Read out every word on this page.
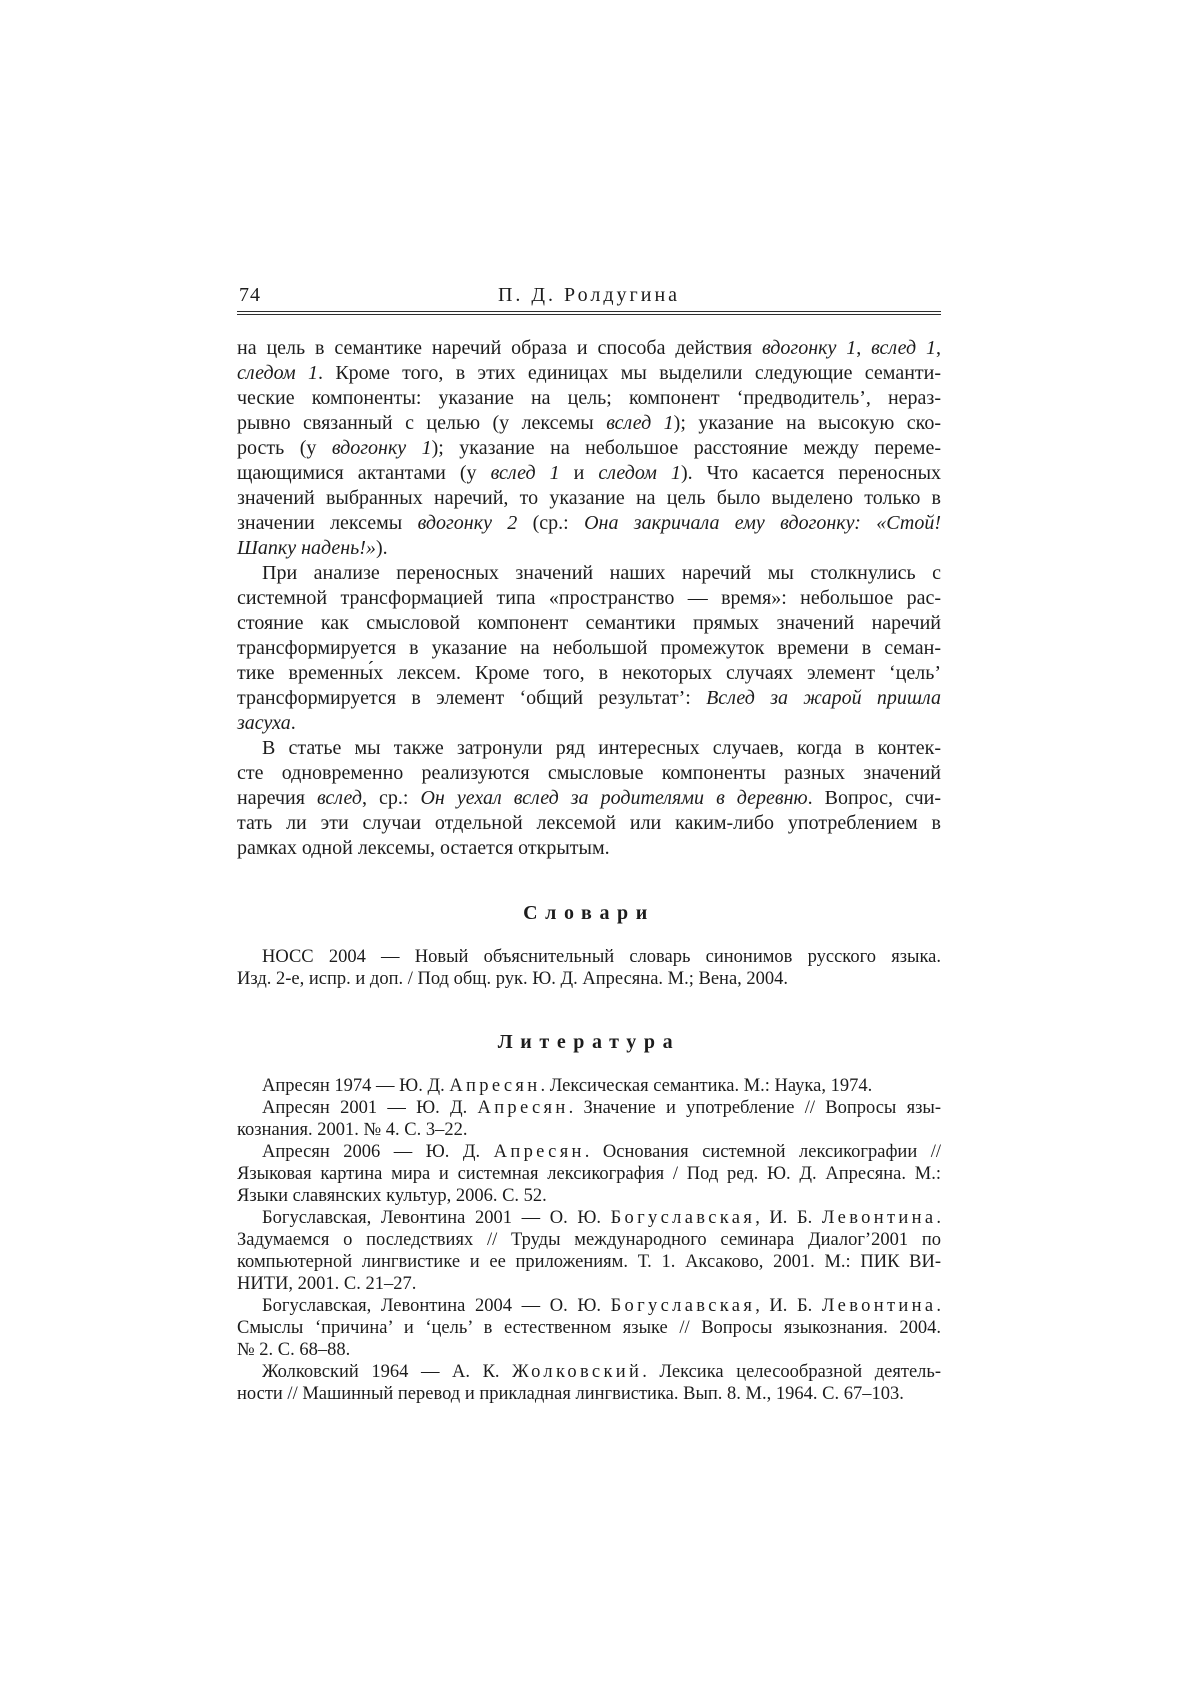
74	П. Д. Ролдугина
на цель в семантике наречий образа и способа действия вдогонку 1, вслед 1,
следом 1. Кроме того, в этих единицах мы выделили следующие семанти-
ческие компоненты: указание на цель; компонент ‘предводитель’, нераз-
рывно связанный с целью (у лексемы вслед 1); указание на высокую ско-
рость (у вдогонку 1); указание на небольшое расстояние между переме-
щающимися актантами (у вслед 1 и следом 1). Что касается переносных
значений выбранных наречий, то указание на цель было выделено только в
значении лексемы вдогонку 2 (ср.: Она закричала ему вдогонку: «Стой!
Шапку надень!»).
При анализе переносных значений наших наречий мы столкнулись с
системной трансформацией типа «пространство — время»: небольшое рас-
стояние как смысловой компонент семантики прямых значений наречий
трансформируется в указание на небольшой промежуток времени в семан-
тике временны́х лексем. Кроме того, в некоторых случаях элемент ‘цель’
трансформируется в элемент ‘общий результат’: Вслед за жарой пришла
засуха.
В статье мы также затронули ряд интересных случаев, когда в контек-
сте одновременно реализуются смысловые компоненты разных значений
наречия вслед, ср.: Он уехал вслед за родителями в деревню. Вопрос, счи-
тать ли эти случаи отдельной лексемой или каким-либо употреблением в
рамках одной лексемы, остается открытым.
Словари
НОСС 2004 — Новый объяснительный словарь синонимов русского языка.
Изд. 2-е, испр. и доп. / Под общ. рук. Ю. Д. Апресяна. М.; Вена, 2004.
Литература
Апресян 1974 — Ю. Д. Апресян. Лексическая семантика. М.: Наука, 1974.
Апресян 2001 — Ю. Д. Апресян. Значение и употребление // Вопросы язы-
кознания. 2001. № 4. С. 3–22.
Апресян 2006 — Ю. Д. Апресян. Основания системной лексикографии //
Языковая картина мира и системная лексикография / Под ред. Ю. Д. Апресяна. М.:
Языки славянских культур, 2006. С. 52.
Богуславская, Левонтина 2001 — О. Ю. Богуславская, И. Б. Левонтина.
Задумаемся о последствиях // Труды международного семинара Диалог’2001 по
компьютерной лингвистике и ее приложениям. Т. 1. Аксаково, 2001. М.: ПИК ВИ-
НИТИ, 2001. С. 21–27.
Богуславская, Левонтина 2004 — О. Ю. Богуславская, И. Б. Левонтина.
Смыслы ‘причина’ и ‘цель’ в естественном языке // Вопросы языкознания. 2004.
№ 2. С. 68–88.
Жолковский 1964 — А. К. Жолковский. Лексика целесообразной деятель-
ности // Машинный перевод и прикладная лингвистика. Вып. 8. М., 1964. С. 67–103.
